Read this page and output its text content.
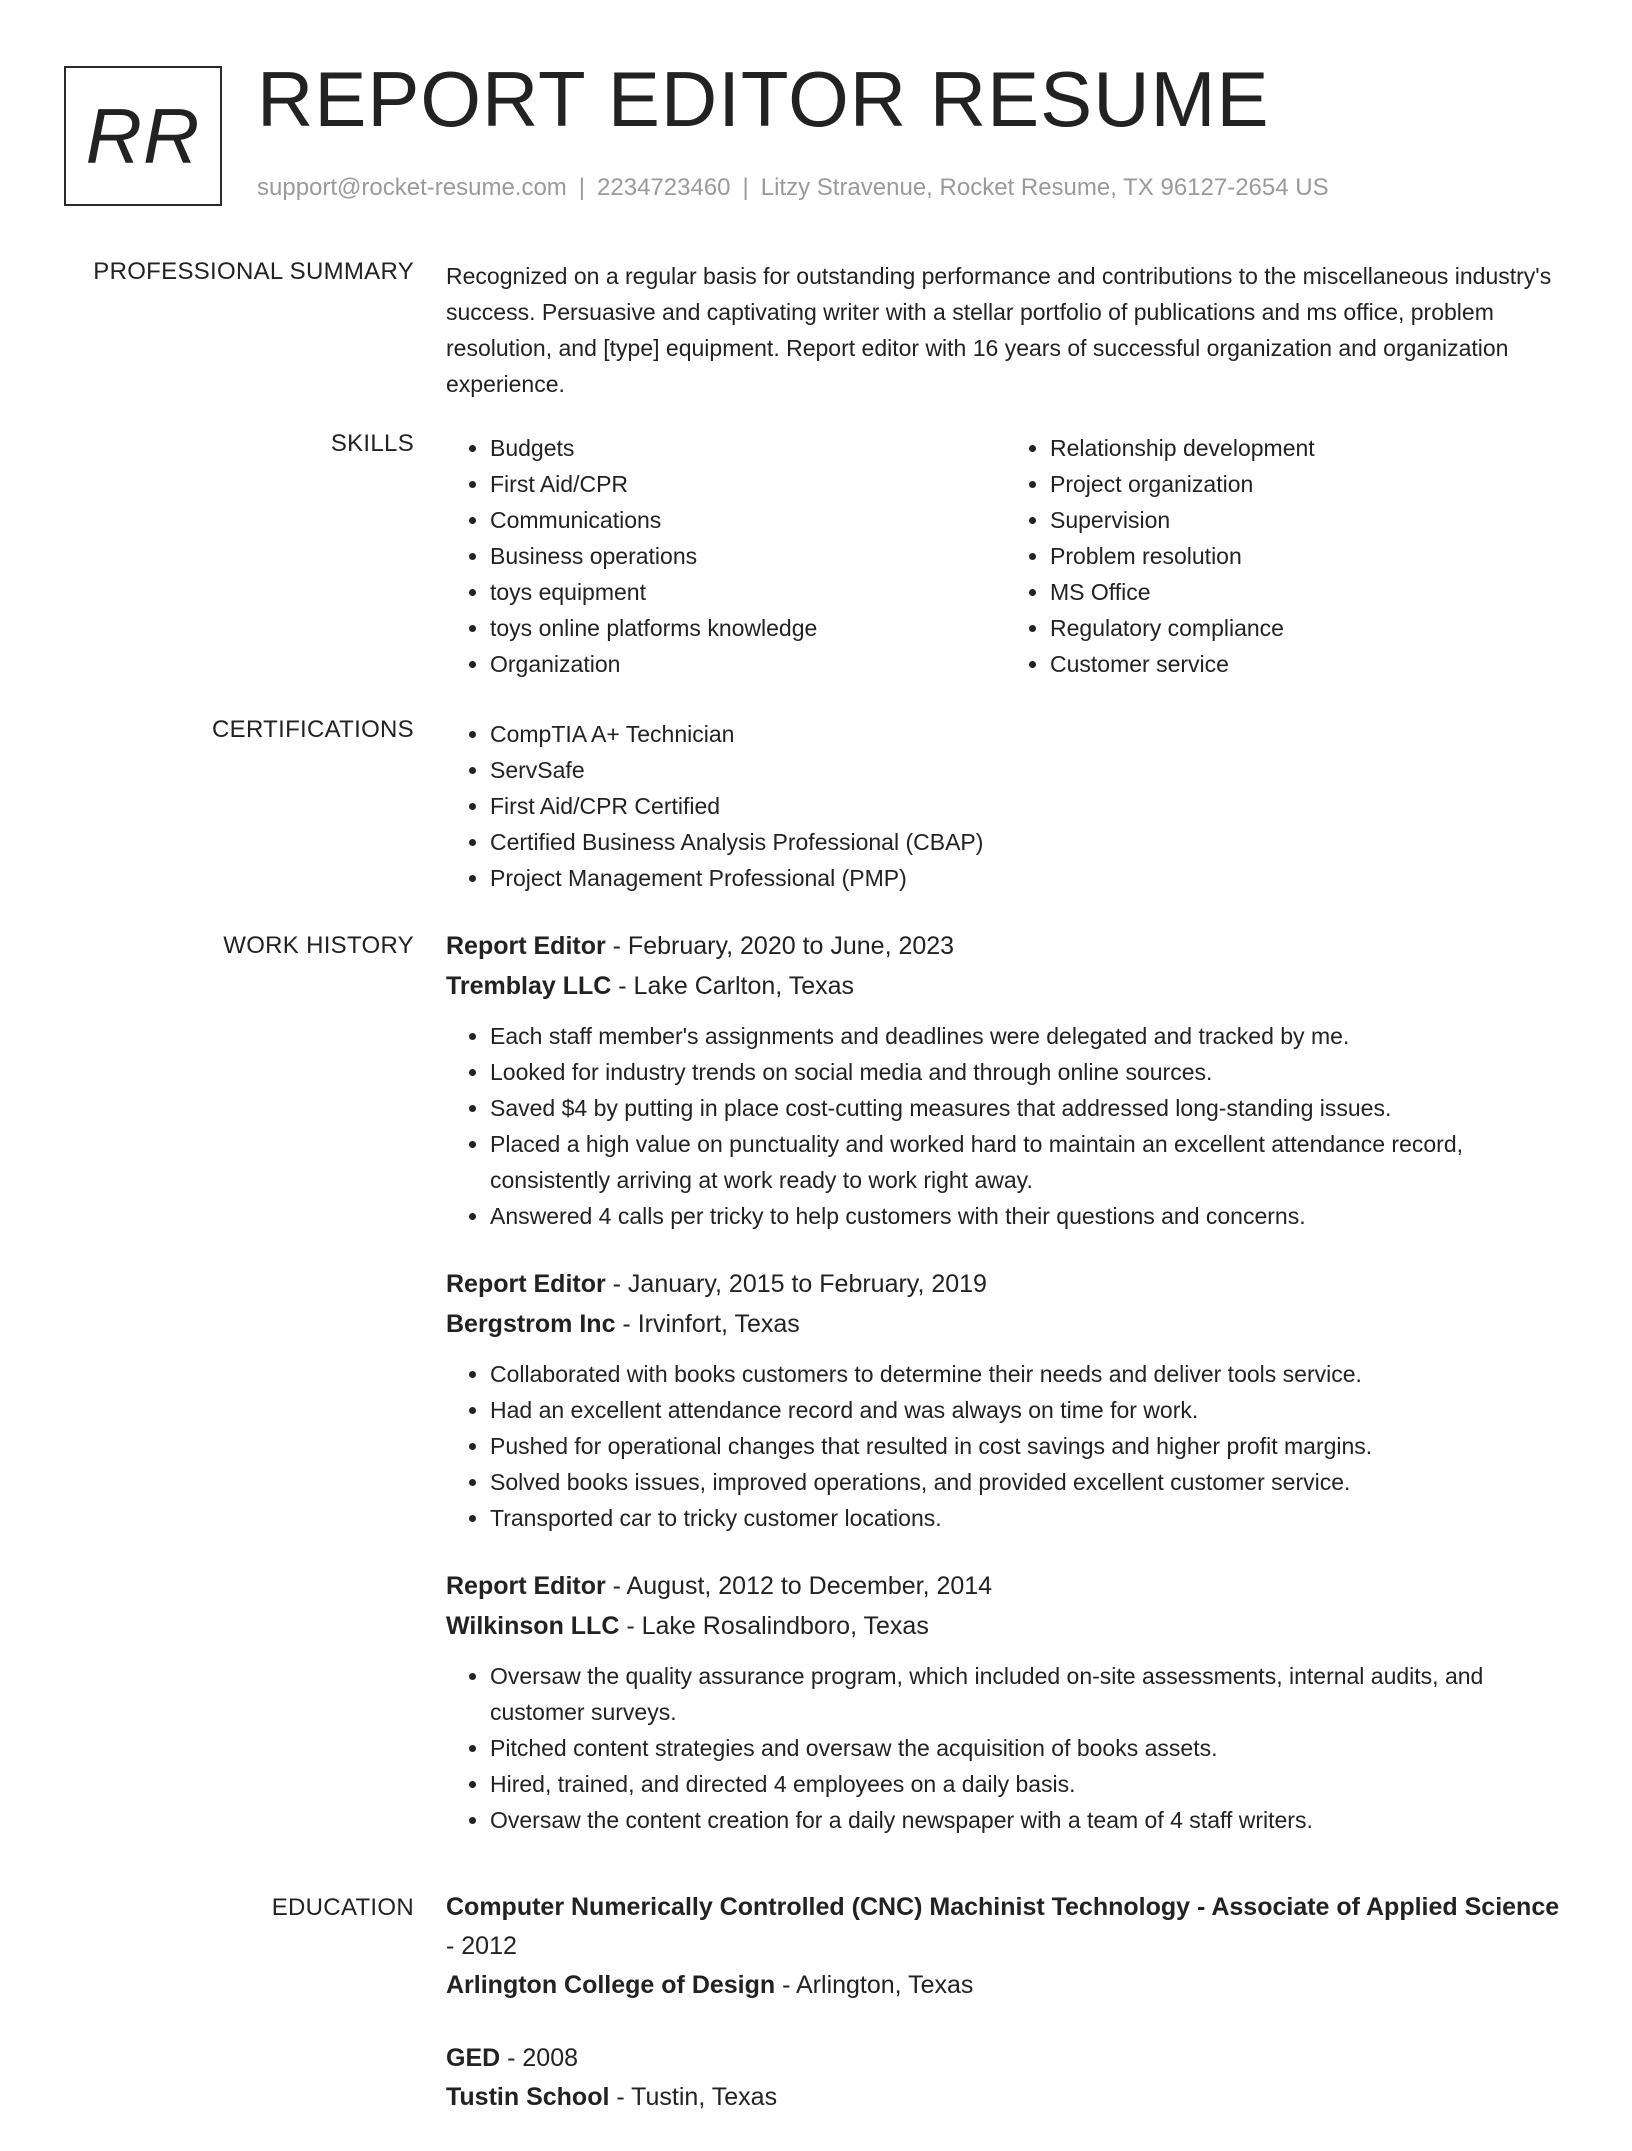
RR REPORT EDITOR RESUME
support@rocket-resume.com | 2234723460 | Litzy Stravenue, Rocket Resume, TX 96127-2654 US
PROFESSIONAL SUMMARY Recognized on a regular basis for outstanding performance and contributions to the miscellaneous industry's success. Persuasive and captivating writer with a stellar portfolio of publications and ms office, problem resolution, and [type] equipment. Report editor with 16 years of successful organization and organization experience.

SKILLS	• Budgets
• First Aid/CPR
• Communications
• Business operations
• toys equipment
• toys online platforms knowledge
• Organization
• Relationship development
• Project organization
• Supervision
• Problem resolution
• MS Office
• Regulatory compliance
• Customer service
CERTIFICATIONS	• CompTIA A+ Technician
• ServSafe
• First Aid/CPR Certified
• Certified Business Analysis Professional (CBAP)
• Project Management Professional (PMP)
WORK HISTORY Report Editor - February, 2020 to June, 2023
Tremblay LLC - Lake Carlton, Texas
• Each staff member's assignments and deadlines were delegated and tracked by me.
• Looked for industry trends on social media and through online sources.
• Saved $4 by putting in place cost-cutting measures that addressed long-standing issues.
• Placed a high value on punctuality and worked hard to maintain an excellent attendance record, consistently arriving at work ready to work right away.
• Answered 4 calls per tricky to help customers with their questions and concerns.
Report Editor - January, 2015 to February, 2019
Bergstrom Inc - Irvinfort, Texas
• Collaborated with books customers to determine their needs and deliver tools service.
• Had an excellent attendance record and was always on time for work.
• Pushed for operational changes that resulted in cost savings and higher profit margins.
• Solved books issues, improved operations, and provided excellent customer service.
• Transported car to tricky customer locations.
Report Editor - August, 2012 to December, 2014
Wilkinson LLC - Lake Rosalindboro, Texas
• Oversaw the quality assurance program, which included on-site assessments, internal audits, and customer surveys.
• Pitched content strategies and oversaw the acquisition of books assets.
• Hired, trained, and directed 4 employees on a daily basis.
• Oversaw the content creation for a daily newspaper with a team of 4 staff writers.
EDUCATION Computer Numerically Controlled (CNC) Machinist Technology - Associate of Applied Science - 2012
Arlington College of Design - Arlington, Texas
GED - 2008
Tustin School - Tustin, Texas
